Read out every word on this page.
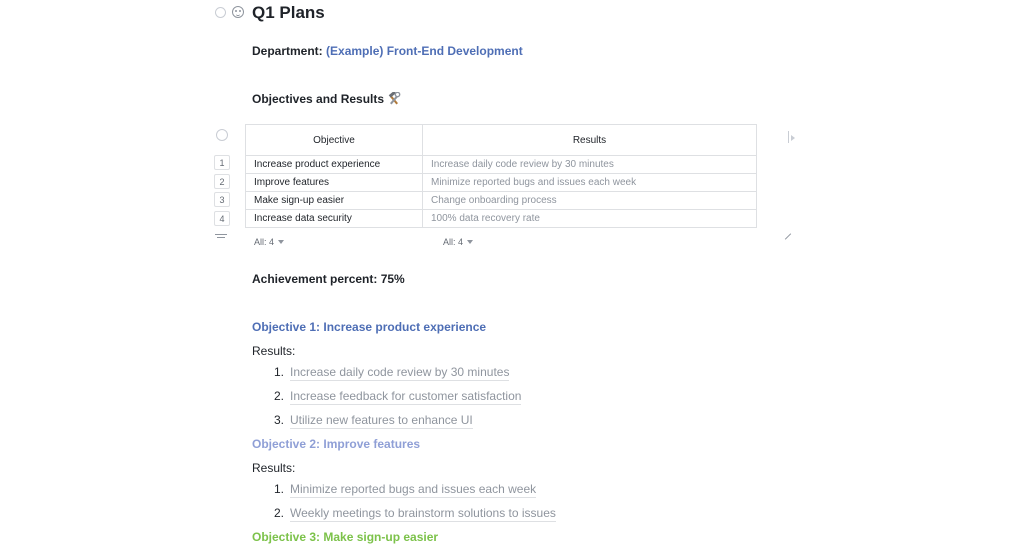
Q1 Plans
Department: (Example) Front-End Development
Objectives and Results
1
2
3
4
Objective	Results
Increase product experience	Increase daily code review by 30 minutes
Improve features	Minimize reported bugs and issues each week
Make sign-up easier	Change onboarding process
Increase data security	100% data recovery rate
All: 4	All: 4
Achievement percent: 75%
Objective 1: Increase product experience
Results:
1. Increase daily code review by 30 minutes
2. Increase feedback for customer satisfaction
3. Utilize new features to enhance UI
Objective 2: Improve features
Results:
1. Minimize reported bugs and issues each week
2. Weekly meetings to brainstorm solutions to issues
Objective 3: Make sign-up easier
